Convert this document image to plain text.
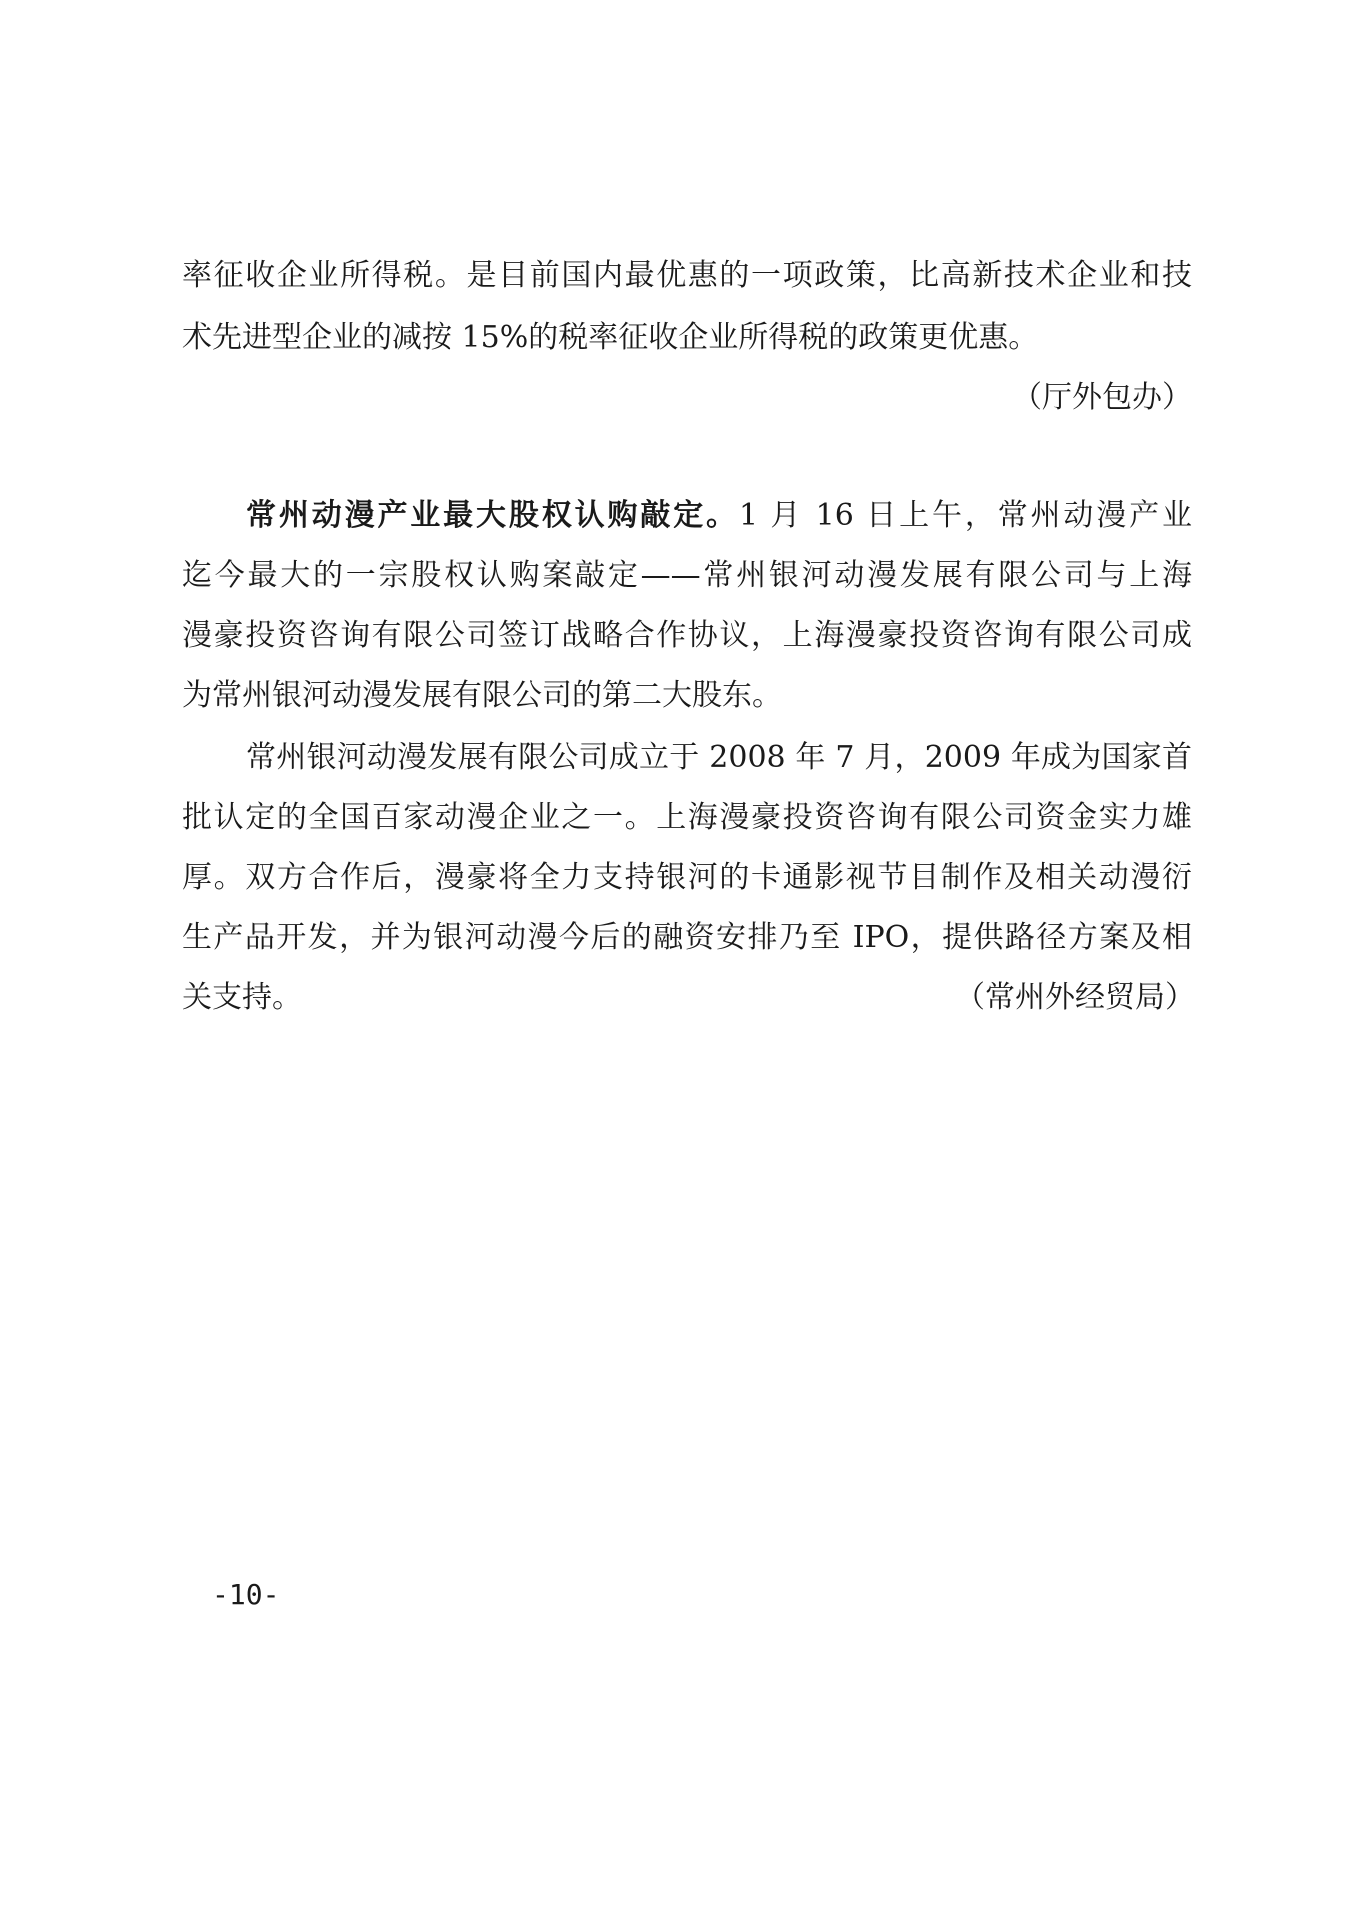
率征收企业所得税。是目前国内最优惠的一项政策，比高新技术企业和技

术先进型企业的减按 15%的税率征收企业所得税的政策更优惠。

（厅外包办）

常州动漫产业最大股权认购敲定。1 月 16 日上午，常州动漫产业

迄今最大的一宗股权认购案敲定——常州银河动漫发展有限公司与上海

漫豪投资咨询有限公司签订战略合作协议，上海漫豪投资咨询有限公司成

为常州银河动漫发展有限公司的第二大股东。

常州银河动漫发展有限公司成立于 2008 年 7 月，2009 年成为国家首

批认定的全国百家动漫企业之一。上海漫豪投资咨询有限公司资金实力雄

厚。双方合作后，漫豪将全力支持银河的卡通影视节目制作及相关动漫衍

生产品开发，并为银河动漫今后的融资安排乃至 IPO，提供路径方案及相

关支持。	（常州外经贸局）
-10-
